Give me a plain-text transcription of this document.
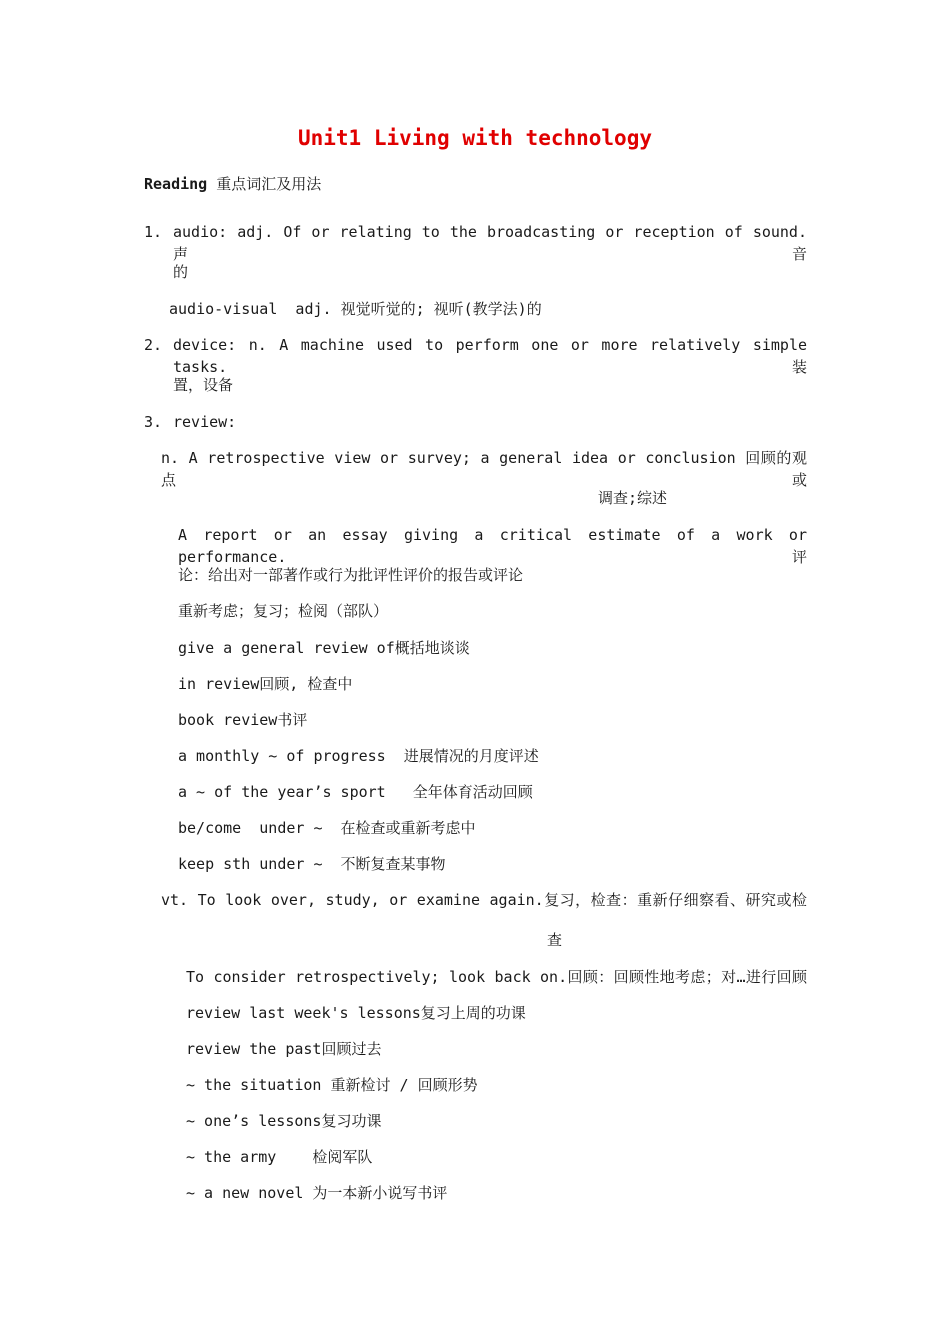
Unit1 Living with technology
Reading 重点词汇及用法
1. audio: adj. Of or relating to the broadcasting or reception of sound. 声音
的
audio-visual  adj. 视觉听觉的; 视听(教学法)的
2. device: n. A machine used to perform one or more relatively simple tasks.装
置，设备
3. review:
n. A retrospective view or survey; a general idea or conclusion 回顾的观点或
调查;综述
A report or an essay giving a critical estimate of a work or performance.评
论：给出对一部著作或行为批评性评价的报告或评论
重新考虑；复习；检阅（部队）
give a general review of概括地谈谈
in review回顾, 检查中
book review书评
a monthly ~ of progress  进展情况的月度评述
a ~ of the year’s sport   全年体育活动回顾
be/come  under ~  在检查或重新考虑中
keep sth under ~  不断复查某事物
vt. To look over, study, or examine again.复习，检查：重新仔细察看、研究或检
查
To consider retrospectively; look back on.回顾：回顾性地考虑；对…进行回顾
review last week's lessons复习上周的功课
review the past回顾过去
~ the situation 重新检讨 / 回顾形势
~ one’s lessons复习功课
~ the army    检阅军队
~ a new novel 为一本新小说写书评
